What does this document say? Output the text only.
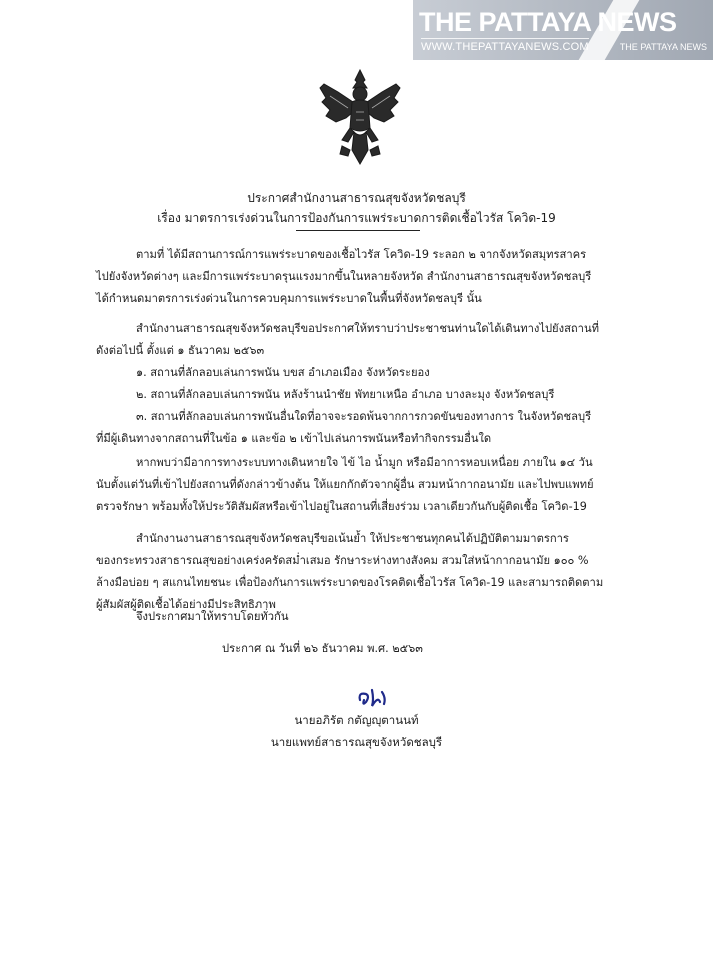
THE PATTAYA NEWS
WWW.THEPATTAYANEWS.COM	THE PATTAYA NEWS
ประกาศสำนักงานสาธารณสุขจังหวัดชลบุรี
เรื่อง มาตรการเร่งด่วนในการป้องกันการแพร่ระบาดการติดเชื้อไวรัส โควิด-19
ตามที่ ได้มีสถานการณ์การแพร่ระบาดของเชื้อไวรัส โควิด-19 ระลอก ๒ จากจังหวัดสมุทรสาคร
ไปยังจังหวัดต่างๆ และมีการแพร่ระบาดรุนแรงมากขึ้นในหลายจังหวัด สำนักงานสาธารณสุขจังหวัดชลบุรี
ได้กำหนดมาตรการเร่งด่วนในการควบคุมการแพร่ระบาดในพื้นที่จังหวัดชลบุรี นั้น
สำนักงานสาธารณสุขจังหวัดชลบุรีขอประกาศให้ทราบว่าประชาชนท่านใดได้เดินทางไปยังสถานที่
ดังต่อไปนี้ ตั้งแต่ ๑ ธันวาคม ๒๕๖๓
๑. สถานที่ลักลอบเล่นการพนัน บขส อำเภอเมือง จังหวัดระยอง
๒. สถานที่ลักลอบเล่นการพนัน หลังร้านนำชัย พัทยาเหนือ อำเภอ บางละมุง จังหวัดชลบุรี
๓. สถานที่ลักลอบเล่นการพนันอื่นใดที่อาจจะรอดพ้นจากการกวดขันของทางการ ในจังหวัดชลบุรี
ที่มีผู้เดินทางจากสถานที่ในข้อ ๑ และข้อ ๒ เข้าไปเล่นการพนันหรือทำกิจกรรมอื่นใด
หากพบว่ามีอาการทางระบบทางเดินหายใจ ไข้ ไอ น้ำมูก หรือมีอาการหอบเหนื่อย ภายใน ๑๔ วัน
นับตั้งแต่วันที่เข้าไปยังสถานที่ดังกล่าวข้างต้น ให้แยกกักตัวจากผู้อื่น สวมหน้ากากอนามัย และไปพบแพทย์
ตรวจรักษา พร้อมทั้งให้ประวัติสัมผัสหรือเข้าไปอยู่ในสถานที่เสี่ยงร่วม เวลาเดียวกันกับผู้ติดเชื้อ โควิด-19
สำนักงานงานสาธารณสุขจังหวัดชลบุรีขอเน้นย้ำ ให้ประชาชนทุกคนได้ปฏิบัติตามมาตรการ
ของกระทรวงสาธารณสุขอย่างเคร่งครัดสม่ำเสมอ รักษาระห่างทางสังคม สวมใส่หน้ากากอนามัย ๑๐๐ %
ล้างมือบ่อย ๆ สแกนไทยชนะ เพื่อป้องกันการแพร่ระบาดของโรคติดเชื้อไวรัส โควิด-19 และสามารถติดตาม
ผู้สัมผัสผู้ติดเชื้อได้อย่างมีประสิทธิภาพ
จึงประกาศมาให้ทราบโดยทั่วกัน
ประกาศ ณ วันที่ ๒๖ ธันวาคม พ.ศ. ๒๕๖๓
นายอภิรัต กตัญญุตานนท์
นายแพทย์สาธารณสุขจังหวัดชลบุรี
